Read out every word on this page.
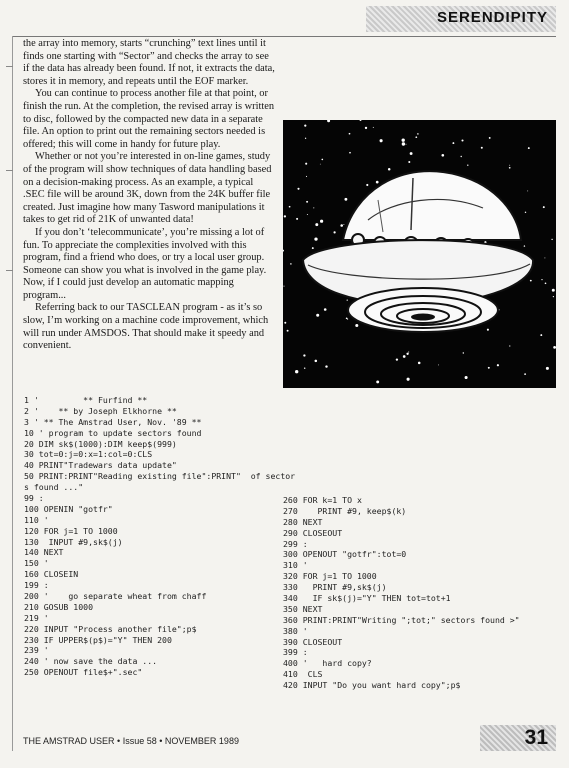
SERENDIPITY

the array into memory, starts “crunching” text lines until it finds one starting with “Sector” and checks the array to see if the data has already been found. If not, it extracts the data, stores it in memory, and repeats until the EOF marker.

You can continue to process another file at that point, or finish the run. At the completion, the revised array is written to disc, followed by the compacted new data in a separate file. An option to print out the remaining sectors needed is offered; this will come in handy for future play.

Whether or not you’re interested in on-line games, study of the program will show techniques of data handling based on a decision-making process. As an example, a typical .SEC file will be around 3K, down from the 24K buffer file created. Just imagine how many Tasword manipulations it takes to get rid of 21K of unwanted data!

If you don’t ‘telecommunicate’, you’re missing a lot of fun. To appreciate the complexities involved with this program, find a friend who does, or try a local user group. Someone can show you what is involved in the game play. Now, if I could just develop an automatic mapping program...

Referring back to our TASCLEAN program - as it’s so slow, I’m working on a machine code improvement, which will run under AMSDOS. That should make it speedy and convenient.

1 '         ** Furfind **
2 '    ** by Joseph Elkhorne **
3 ' ** The Amstrad User, Nov. '89 **
10 ' program to update sectors found
20 DIM sk$(1000):DIM keep$(999)
30 tot=0:j=0:x=1:col=0:CLS
40 PRINT"Tradewars data update"
50 PRINT:PRINT"Reading existing file":PRINT"  of sector
s found ..."
99 :
100 OPENIN "gotfr"
110 '
120 FOR j=1 TO 1000
130  INPUT #9,sk$(j)
140 NEXT
150 '
160 CLOSEIN
199 :
200 '    go separate wheat from chaff
210 GOSUB 1000
219 '
220 INPUT "Process another file";p$
230 IF UPPER$(p$)="Y" THEN 200
239 '
240 ' now save the data ...
250 OPENOUT file$+".sec"
260 FOR k=1 TO x
270    PRINT #9, keep$(k)
280 NEXT
290 CLOSEOUT
299 :
300 OPENOUT "gotfr":tot=0
310 '
320 FOR j=1 TO 1000
330   PRINT #9,sk$(j)
340   IF sk$(j)="Y" THEN tot=tot+1
350 NEXT
360 PRINT:PRINT"Writing ";tot;" sectors found >"
380 '
390 CLOSEOUT
399 :
400 '   hard copy?
410  CLS
420 INPUT "Do you want hard copy";p$
THE AMSTRAD USER • Issue 58 • NOVEMBER 1989	31
